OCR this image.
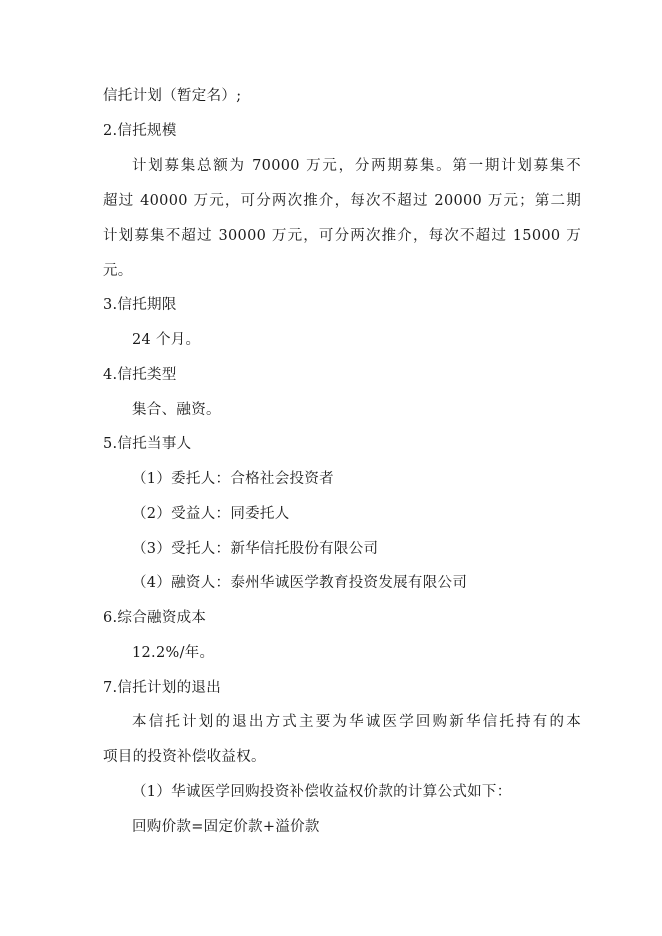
信托计划（暂定名）;
2.信托规模
计划募集总额为 70000 万元，分两期募集。第一期计划募集不
超过 40000 万元，可分两次推介，每次不超过 20000 万元；第二期
计划募集不超过 30000 万元，可分两次推介，每次不超过 15000 万
元。
3.信托期限
24 个月。
4.信托类型
集合、融资。
5.信托当事人
（1）委托人：合格社会投资者
（2）受益人：同委托人
（3）受托人：新华信托股份有限公司
（4）融资人：泰州华诚医学教育投资发展有限公司
6.综合融资成本
12.2%/年。
7.信托计划的退出
本信托计划的退出方式主要为华诚医学回购新华信托持有的本
项目的投资补偿收益权。
（1）华诚医学回购投资补偿收益权价款的计算公式如下：
回购价款=固定价款+溢价款
